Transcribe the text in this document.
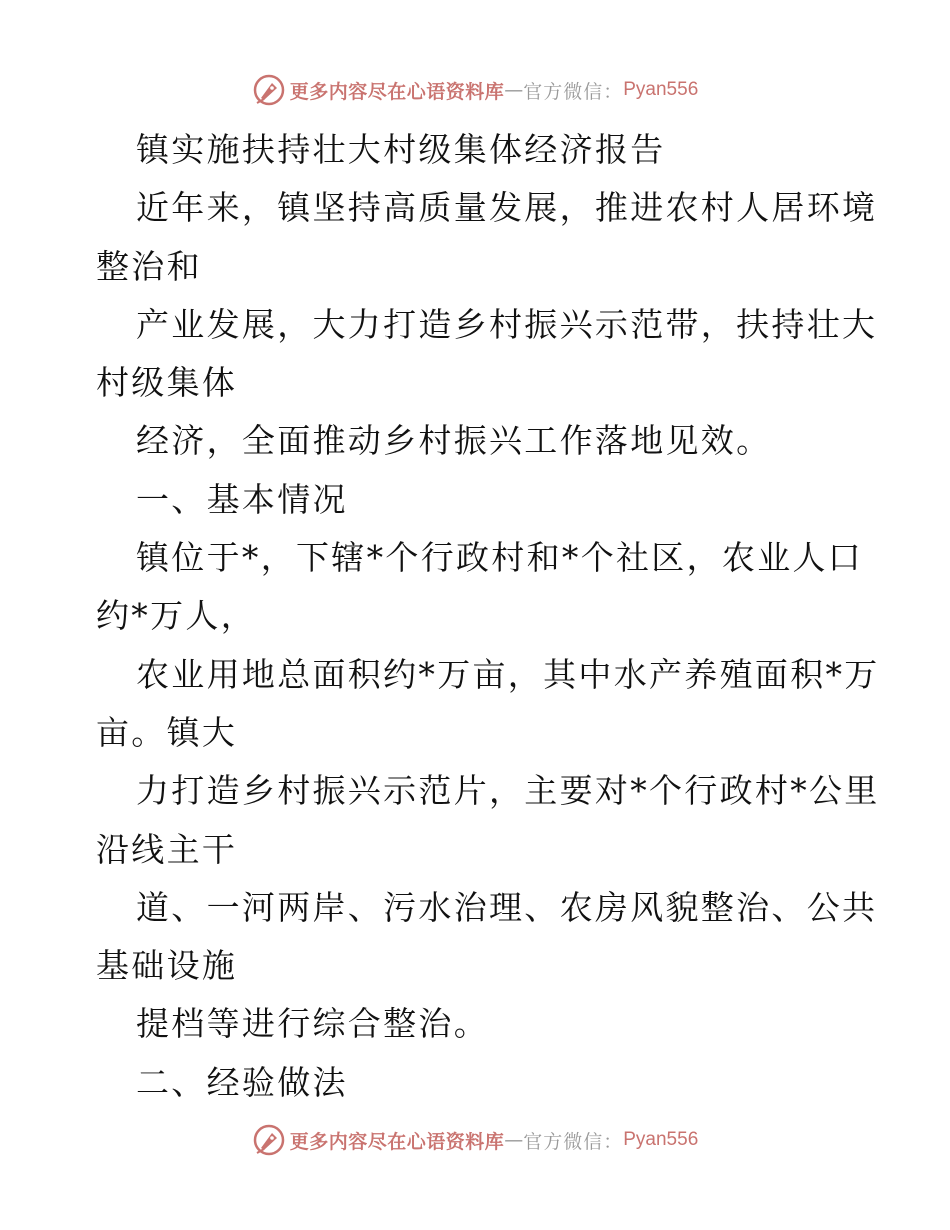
更多内容尽在心语资料库 — 官方微信： Pyan556
镇实施扶持壮大村级集体经济报告
近年来，镇坚持高质量发展，推进农村人居环境
整治和
产业发展，大力打造乡村振兴示范带，扶持壮大
村级集体
经济，全面推动乡村振兴工作落地见效。
一、基本情况
镇位于*，下辖*个行政村和*个社区，农业人口
约*万人，
农业用地总面积约*万亩，其中水产养殖面积*万
亩。镇大
力打造乡村振兴示范片，主要对*个行政村*公里
沿线主干
道、一河两岸、污水治理、农房风貌整治、公共
基础设施
提档等进行综合整治。
二、经验做法
更多内容尽在心语资料库 — 官方微信： Pyan556
